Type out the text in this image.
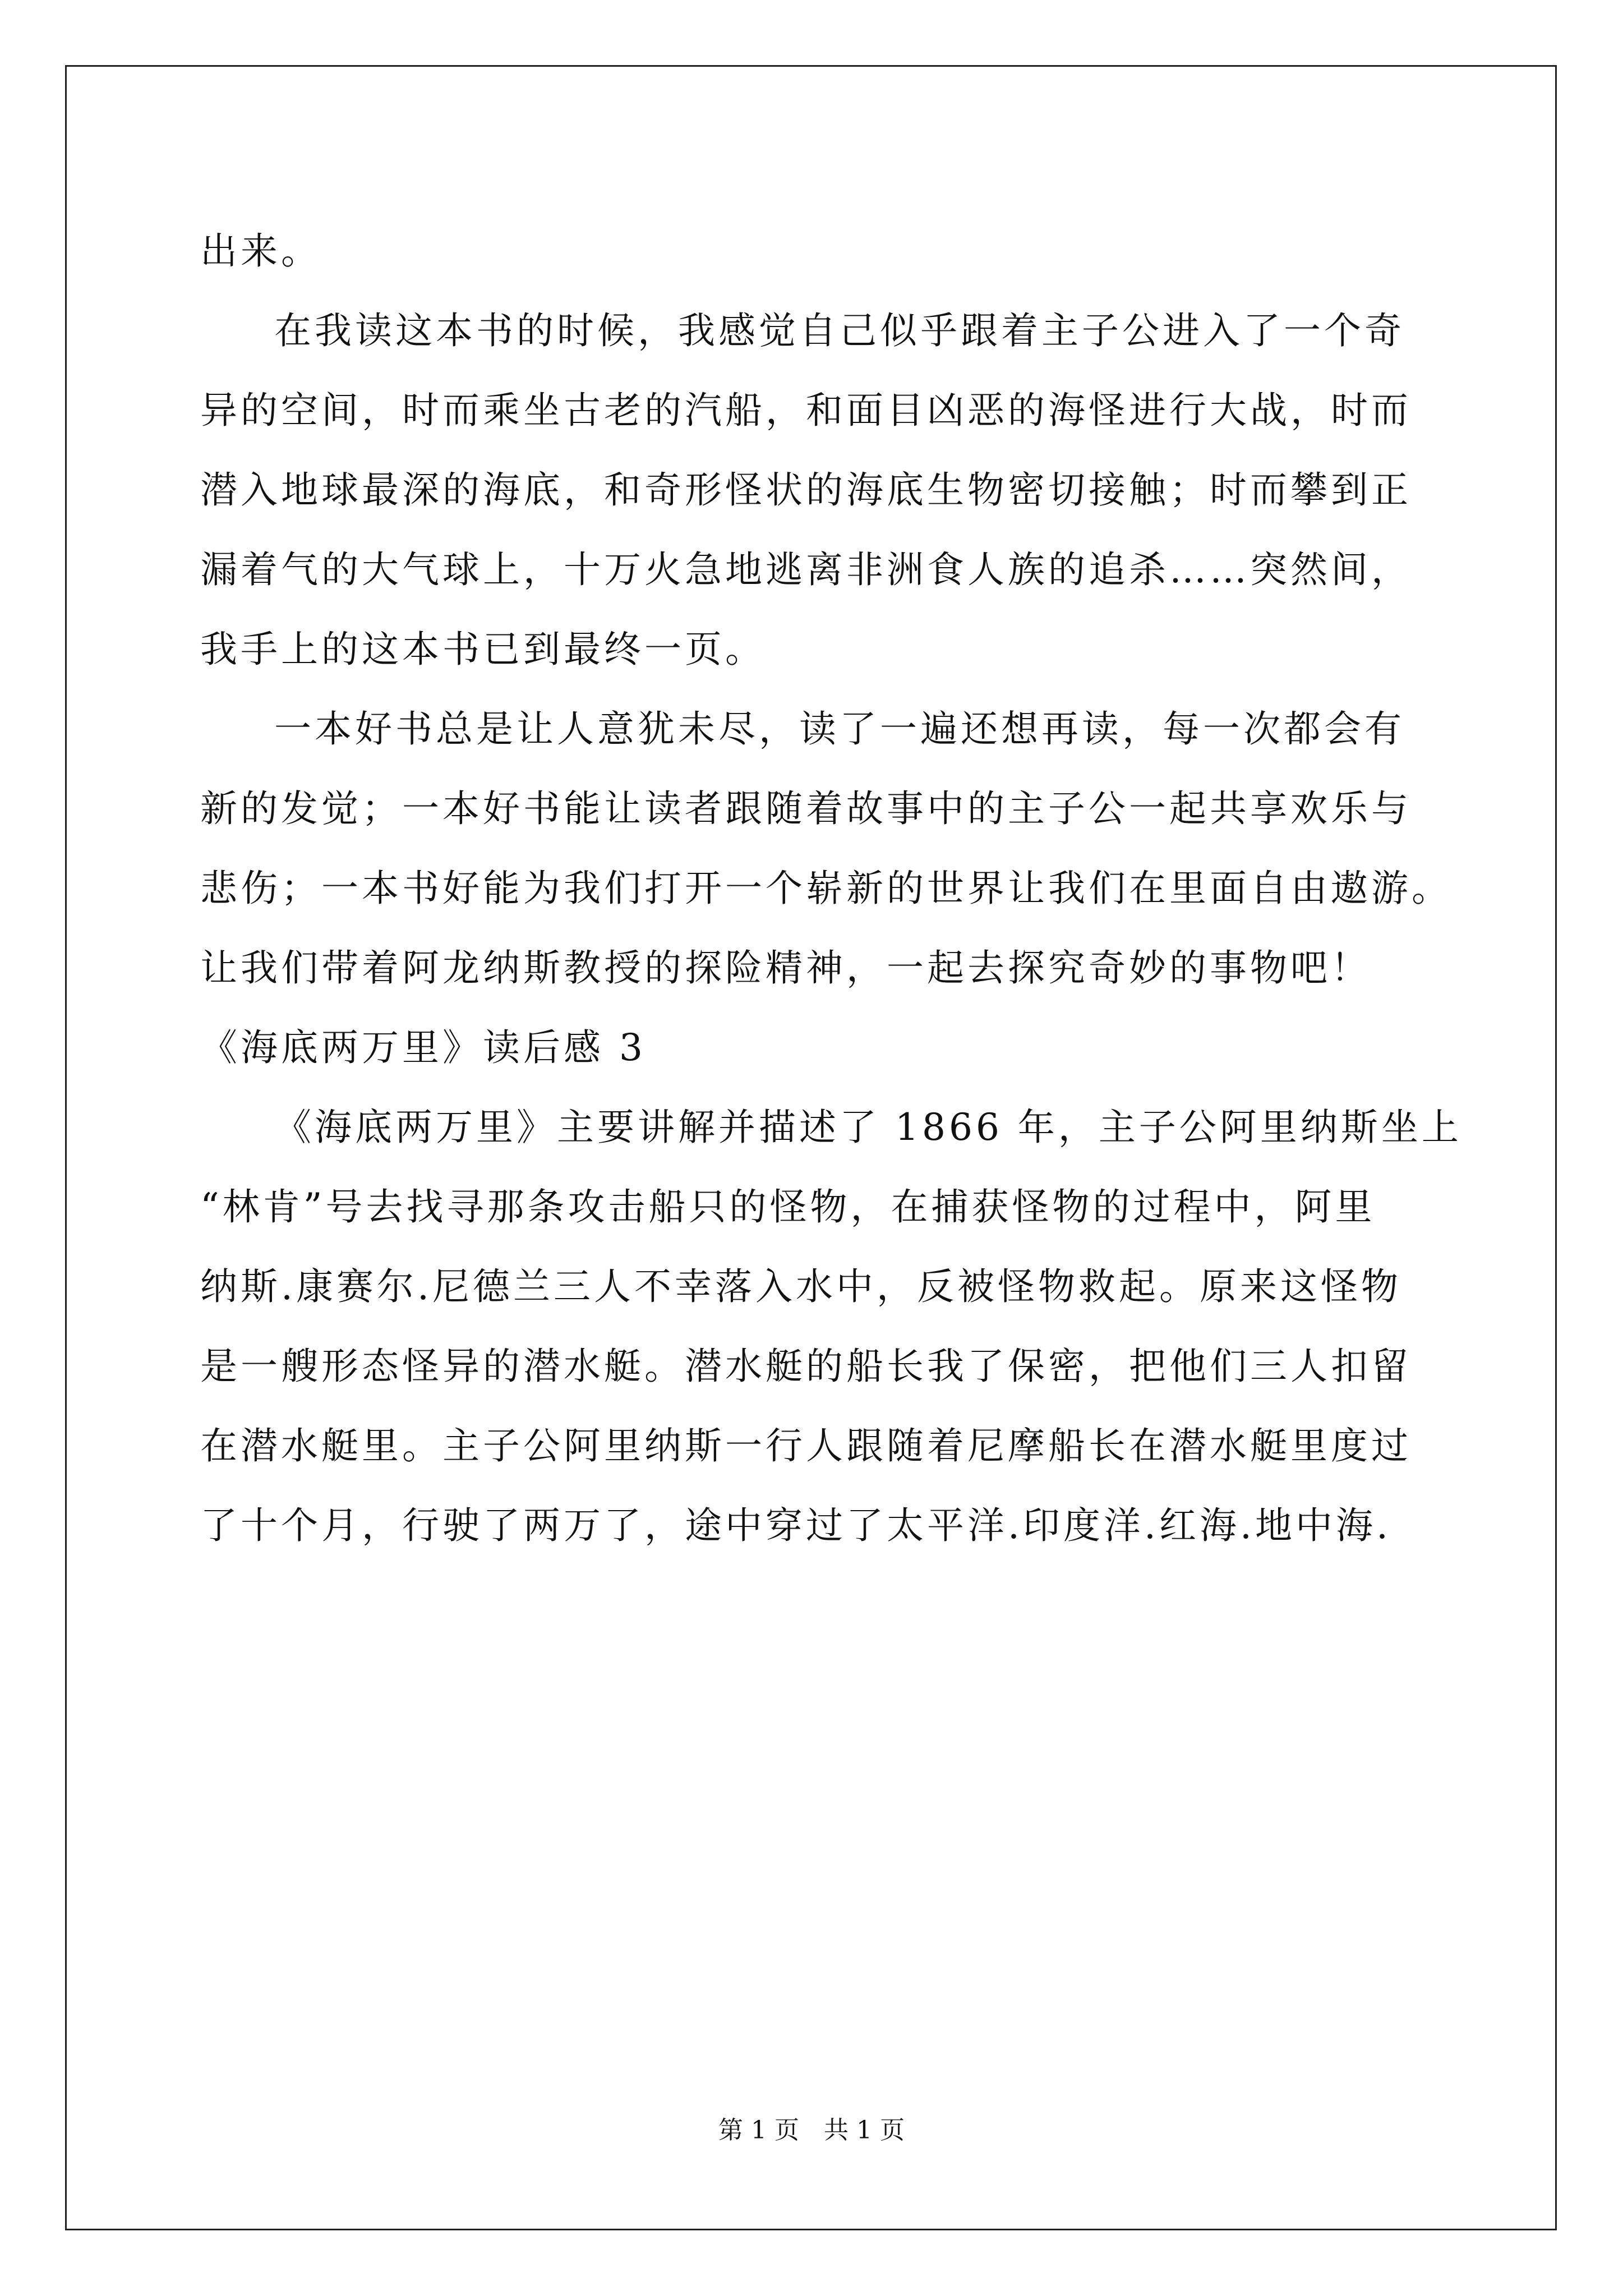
出来。
在我读这本书的时候，我感觉自己似乎跟着主子公进入了一个奇
异的空间，时而乘坐古老的汽船，和面目凶恶的海怪进行大战，时而
潜入地球最深的海底，和奇形怪状的海底生物密切接触；时而攀到正
漏着气的大气球上，十万火急地逃离非洲食人族的追杀……突然间，
我手上的这本书已到最终一页。
一本好书总是让人意犹未尽，读了一遍还想再读，每一次都会有
新的发觉；一本好书能让读者跟随着故事中的主子公一起共享欢乐与
悲伤；一本书好能为我们打开一个崭新的世界让我们在里面自由遨游。
让我们带着阿龙纳斯教授的探险精神，一起去探究奇妙的事物吧！
《海底两万里》读后感 3
《海底两万里》主要讲解并描述了 1866 年，主子公阿里纳斯坐上
“林肯”号去找寻那条攻击船只的怪物，在捕获怪物的过程中，阿里
纳斯.康赛尔.尼德兰三人不幸落入水中，反被怪物救起。原来这怪物
是一艘形态怪异的潜水艇。潜水艇的船长我了保密，把他们三人扣留
在潜水艇里。主子公阿里纳斯一行人跟随着尼摩船长在潜水艇里度过
了十个月，行驶了两万了，途中穿过了太平洋.印度洋.红海.地中海.
第 1 页　共 1 页
